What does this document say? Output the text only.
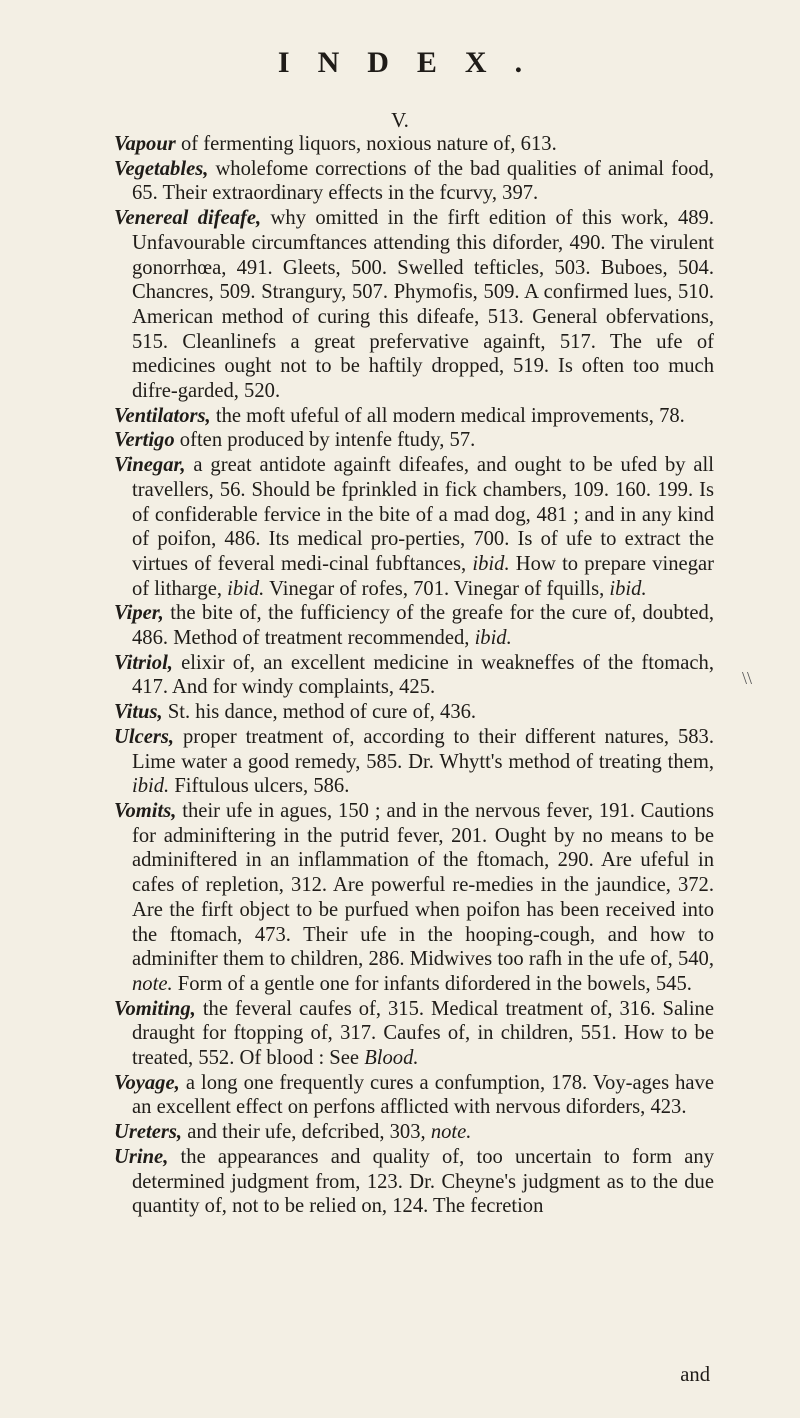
INDEX.
V.

Vapour of fermenting liquors, noxious nature of, 613.

Vegetables, wholefome corrections of the bad qualities of animal food, 65. Their extraordinary effects in the fcurvy, 397.

Venereal difeafe, why omitted in the firft edition of this work, 489. Unfavourable circumftances attending this diforder, 490. The virulent gonorrhœa, 491. Gleets, 500. Swelled tefticles, 503. Buboes, 504. Chancres, 509. Strangury, 507. Phymofis, 509. A confirmed lues, 510. American method of curing this difeafe, 513. General obfervations, 515. Cleanlinefs a great prefervative againft, 517. The ufe of medicines ought not to be haftily dropped, 519. Is often too much difre-garded, 520.

Ventilators, the moft ufeful of all modern medical improvements, 78.

Vertigo often produced by intenfe ftudy, 57.

Vinegar, a great antidote againft difeafes, and ought to be ufed by all travellers, 56. Should be fprinkled in fick chambers, 109. 160. 199. Is of confiderable fervice in the bite of a mad dog, 481 ; and in any kind of poifon, 486. Its medical pro-perties, 700. Is of ufe to extract the virtues of feveral medi-cinal fubftances, ibid. How to prepare vinegar of litharge, ibid. Vinegar of rofes, 701. Vinegar of fquills, ibid.

Viper, the bite of, the fufficiency of the greafe for the cure of, doubted, 486. Method of treatment recommended, ibid.

Vitriol, elixir of, an excellent medicine in weakneffes of the ftomach, 417. And for windy complaints, 425.

Vitus, St. his dance, method of cure of, 436.

Ulcers, proper treatment of, according to their different natures, 583. Lime water a good remedy, 585. Dr. Whytt's method of treating them, ibid. Fiftulous ulcers, 586.

Vomits, their ufe in agues, 150 ; and in the nervous fever, 191. Cautions for adminiftering in the putrid fever, 201. Ought by no means to be adminiftered in an inflammation of the ftomach, 290. Are ufeful in cafes of repletion, 312. Are powerful re-medies in the jaundice, 372. Are the firft object to be purfued when poifon has been received into the ftomach, 473. Their ufe in the hooping-cough, and how to adminifter them to children, 286. Midwives too rafh in the ufe of, 540, note. Form of a gentle one for infants difordered in the bowels, 545.

Vomiting, the feveral caufes of, 315. Medical treatment of, 316. Saline draught for ftopping of, 317. Caufes of, in children, 551. How to be treated, 552. Of blood : See Blood.

Voyage, a long one frequently cures a confumption, 178. Voy-ages have an excellent effect on perfons afflicted with nervous diforders, 423.

Ureters, and their ufe, defcribed, 303, note.

Urine, the appearances and quality of, too uncertain to form any determined judgment from, 123. Dr. Cheyne's judgment as to the due quantity of, not to be relied on, 124. The fecretion

\\
and
